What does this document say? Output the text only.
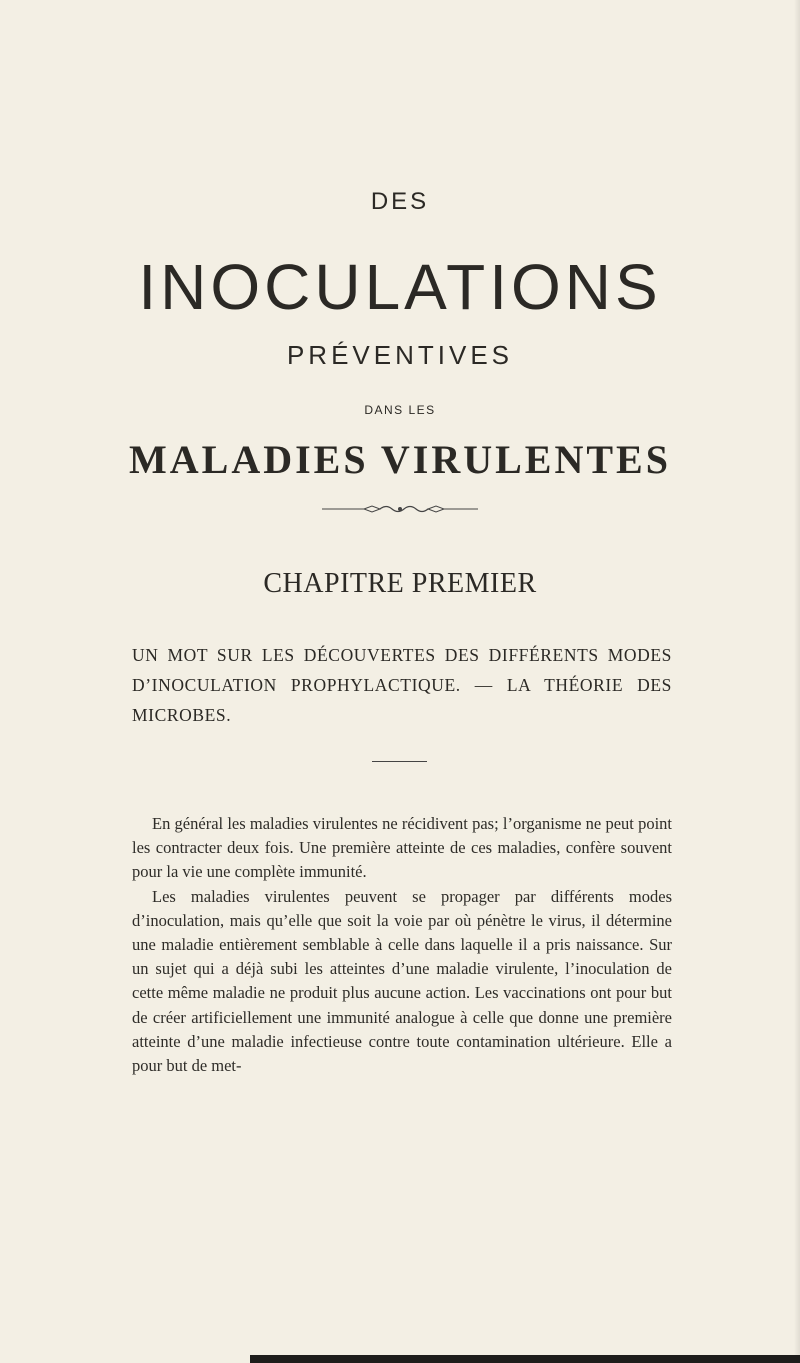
DES
INOCULATIONS
PRÉVENTIVES
DANS LES
MALADIES VIRULENTES
CHAPITRE PREMIER
UN MOT SUR LES DÉCOUVERTES DES DIFFÉRENTS MODES D’INOCULATION PROPHYLACTIQUE. — LA THÉORIE DES MICROBES.

En général les maladies virulentes ne récidivent pas; l’organisme ne peut point les contracter deux fois. Une première atteinte de ces maladies, confère souvent pour la vie une complète immunité.

Les maladies virulentes peuvent se propager par différents modes d’inoculation, mais qu’elle que soit la voie par où pénètre le virus, il détermine une maladie entièrement semblable à celle dans laquelle il a pris naissance. Sur un sujet qui a déjà subi les atteintes d’une maladie virulente, l’inoculation de cette même maladie ne produit plus aucune action. Les vaccinations ont pour but de créer artificiellement une immunité analogue à celle que donne une première atteinte d’une maladie infectieuse contre toute contamination ultérieure. Elle a pour but de met-
